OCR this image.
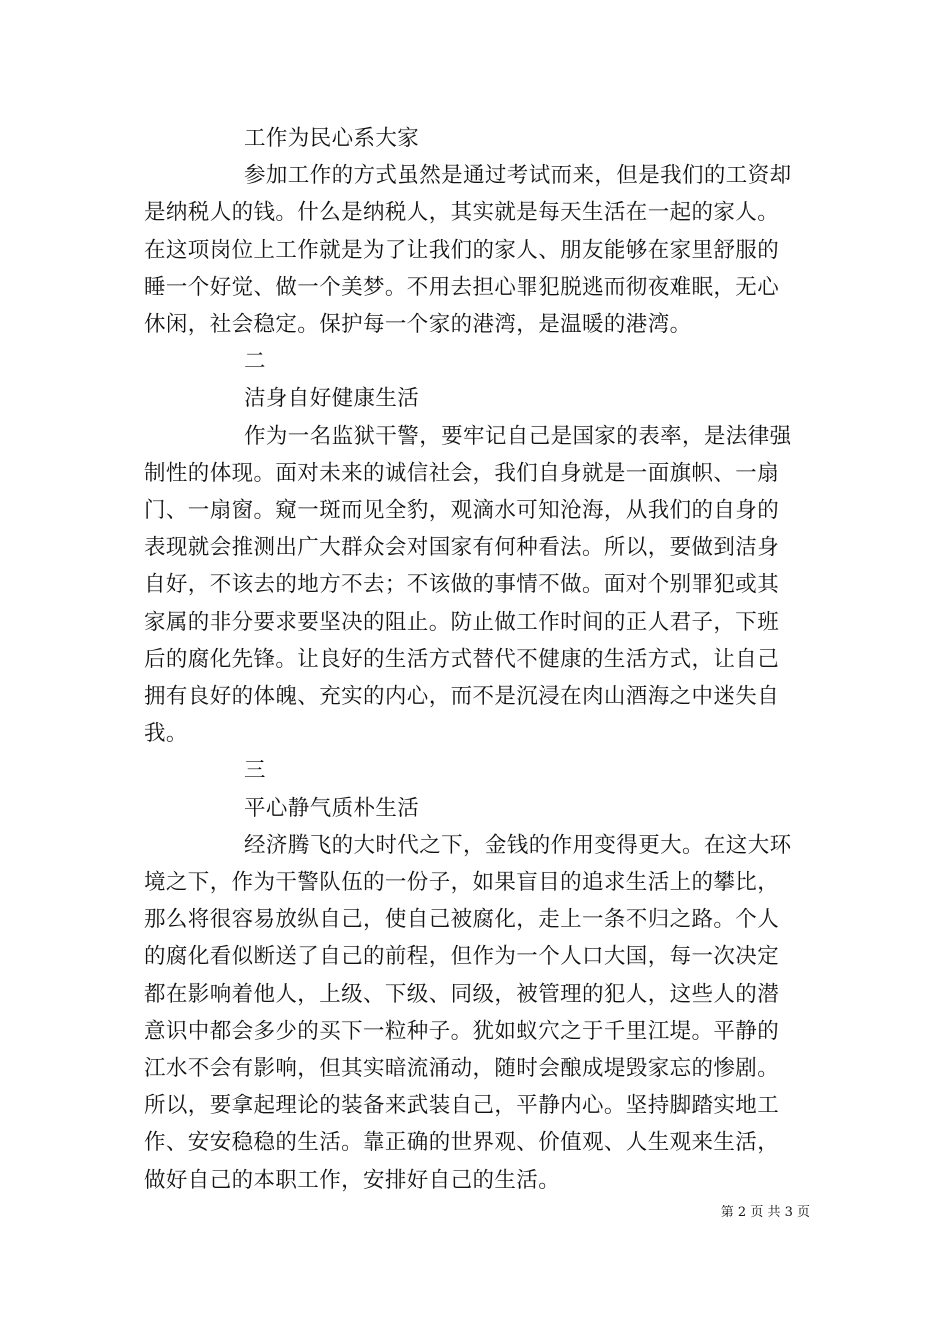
工作为民心系大家
参加工作的方式虽然是通过考试而来，但是我们的工资却
是纳税人的钱。什么是纳税人，其实就是每天生活在一起的家人。
在这项岗位上工作就是为了让我们的家人、朋友能够在家里舒服的
睡一个好觉、做一个美梦。不用去担心罪犯脱逃而彻夜难眠，无心
休闲，社会稳定。保护每一个家的港湾，是温暖的港湾。
二
洁身自好健康生活
作为一名监狱干警，要牢记自己是国家的表率，是法律强
制性的体现。面对未来的诚信社会，我们自身就是一面旗帜、一扇
门、一扇窗。窥一斑而见全豹，观滴水可知沧海，从我们的自身的
表现就会推测出广大群众会对国家有何种看法。所以，要做到洁身
自好，不该去的地方不去；不该做的事情不做。面对个别罪犯或其
家属的非分要求要坚决的阻止。防止做工作时间的正人君子，下班
后的腐化先锋。让良好的生活方式替代不健康的生活方式，让自己
拥有良好的体魄、充实的内心，而不是沉浸在肉山酒海之中迷失自
我。
三
平心静气质朴生活
经济腾飞的大时代之下，金钱的作用变得更大。在这大环
境之下，作为干警队伍的一份子，如果盲目的追求生活上的攀比，
那么将很容易放纵自己，使自己被腐化，走上一条不归之路。个人
的腐化看似断送了自己的前程，但作为一个人口大国，每一次决定
都在影响着他人，上级、下级、同级，被管理的犯人，这些人的潜
意识中都会多少的买下一粒种子。犹如蚁穴之于千里江堤。平静的
江水不会有影响，但其实暗流涌动，随时会酿成堤毁家忘的惨剧。
所以，要拿起理论的装备来武装自己，平静内心。坚持脚踏实地工
作、安安稳稳的生活。靠正确的世界观、价值观、人生观来生活，
做好自己的本职工作，安排好自己的生活。
第 2 页 共 3 页
